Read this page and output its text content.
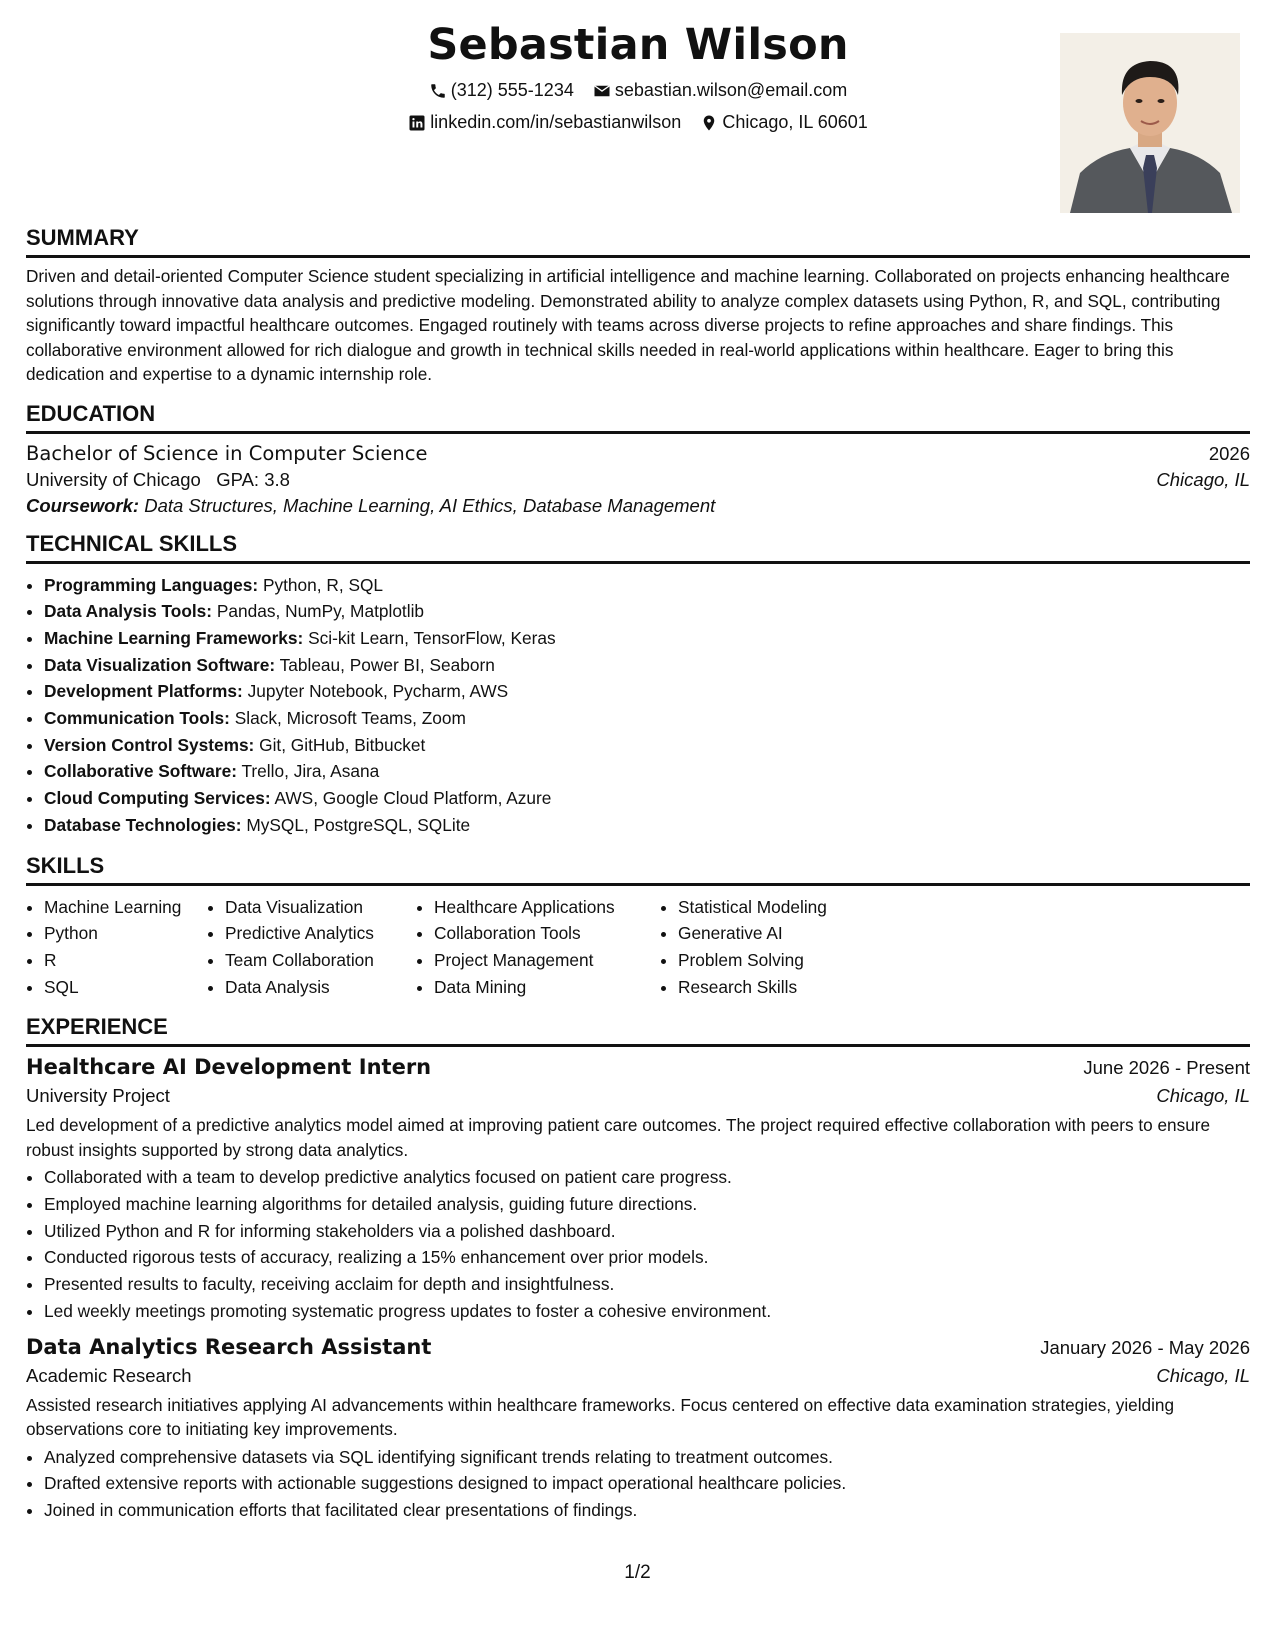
Sebastian Wilson
(312) 555-1234
sebastian.wilson@email.com
linkedin.com/in/sebastianwilson
Chicago, IL 60601
SUMMARY

Driven and detail-oriented Computer Science student specializing in artificial intelligence and machine learning. Collaborated on projects enhancing healthcare solutions through innovative data analysis and predictive modeling. Demonstrated ability to analyze complex datasets using Python, R, and SQL, contributing significantly toward impactful healthcare outcomes. Engaged routinely with teams across diverse projects to refine approaches and share findings. This collaborative environment allowed for rich dialogue and growth in technical skills needed in real-world applications within healthcare. Eager to bring this dedication and expertise to a dynamic internship role.

EDUCATION
Bachelor of Science in Computer Science	2026
University of Chicago GPA: 3.8	Chicago, IL
Coursework: Data Structures, Machine Learning, AI Ethics, Database Management
TECHNICAL SKILLS
• Programming Languages: Python, R, SQL
• Data Analysis Tools: Pandas, NumPy, Matplotlib
• Machine Learning Frameworks: Sci-kit Learn, TensorFlow, Keras
• Data Visualization Software: Tableau, Power BI, Seaborn
• Development Platforms: Jupyter Notebook, Pycharm, AWS
• Communication Tools: Slack, Microsoft Teams, Zoom
• Version Control Systems: Git, GitHub, Bitbucket
• Collaborative Software: Trello, Jira, Asana
• Cloud Computing Services: AWS, Google Cloud Platform, Azure
• Database Technologies: MySQL, PostgreSQL, SQLite
SKILLS
• Machine Learning
• Python
• R
• SQL
• Data Visualization
• Predictive Analytics
• Team Collaboration
• Data Analysis
• Healthcare Applications
• Collaboration Tools
• Project Management
• Data Mining
• Statistical Modeling
• Generative AI
• Problem Solving
• Research Skills
EXPERIENCE
Healthcare AI Development Intern	June 2026 - Present
University Project	Chicago, IL

Led development of a predictive analytics model aimed at improving patient care outcomes. The project required effective collaboration with peers to ensure robust insights supported by strong data analytics.

• Collaborated with a team to develop predictive analytics focused on patient care progress.
• Employed machine learning algorithms for detailed analysis, guiding future directions.
• Utilized Python and R for informing stakeholders via a polished dashboard.
• Conducted rigorous tests of accuracy, realizing a 15% enhancement over prior models.
• Presented results to faculty, receiving acclaim for depth and insightfulness.
• Led weekly meetings promoting systematic progress updates to foster a cohesive environment.
Data Analytics Research Assistant	January 2026 - May 2026
Academic Research	Chicago, IL

Assisted research initiatives applying AI advancements within healthcare frameworks. Focus centered on effective data examination strategies, yielding observations core to initiating key improvements.

• Analyzed comprehensive datasets via SQL identifying significant trends relating to treatment outcomes.
• Drafted extensive reports with actionable suggestions designed to impact operational healthcare policies.
• Joined in communication efforts that facilitated clear presentations of findings.
1/2
